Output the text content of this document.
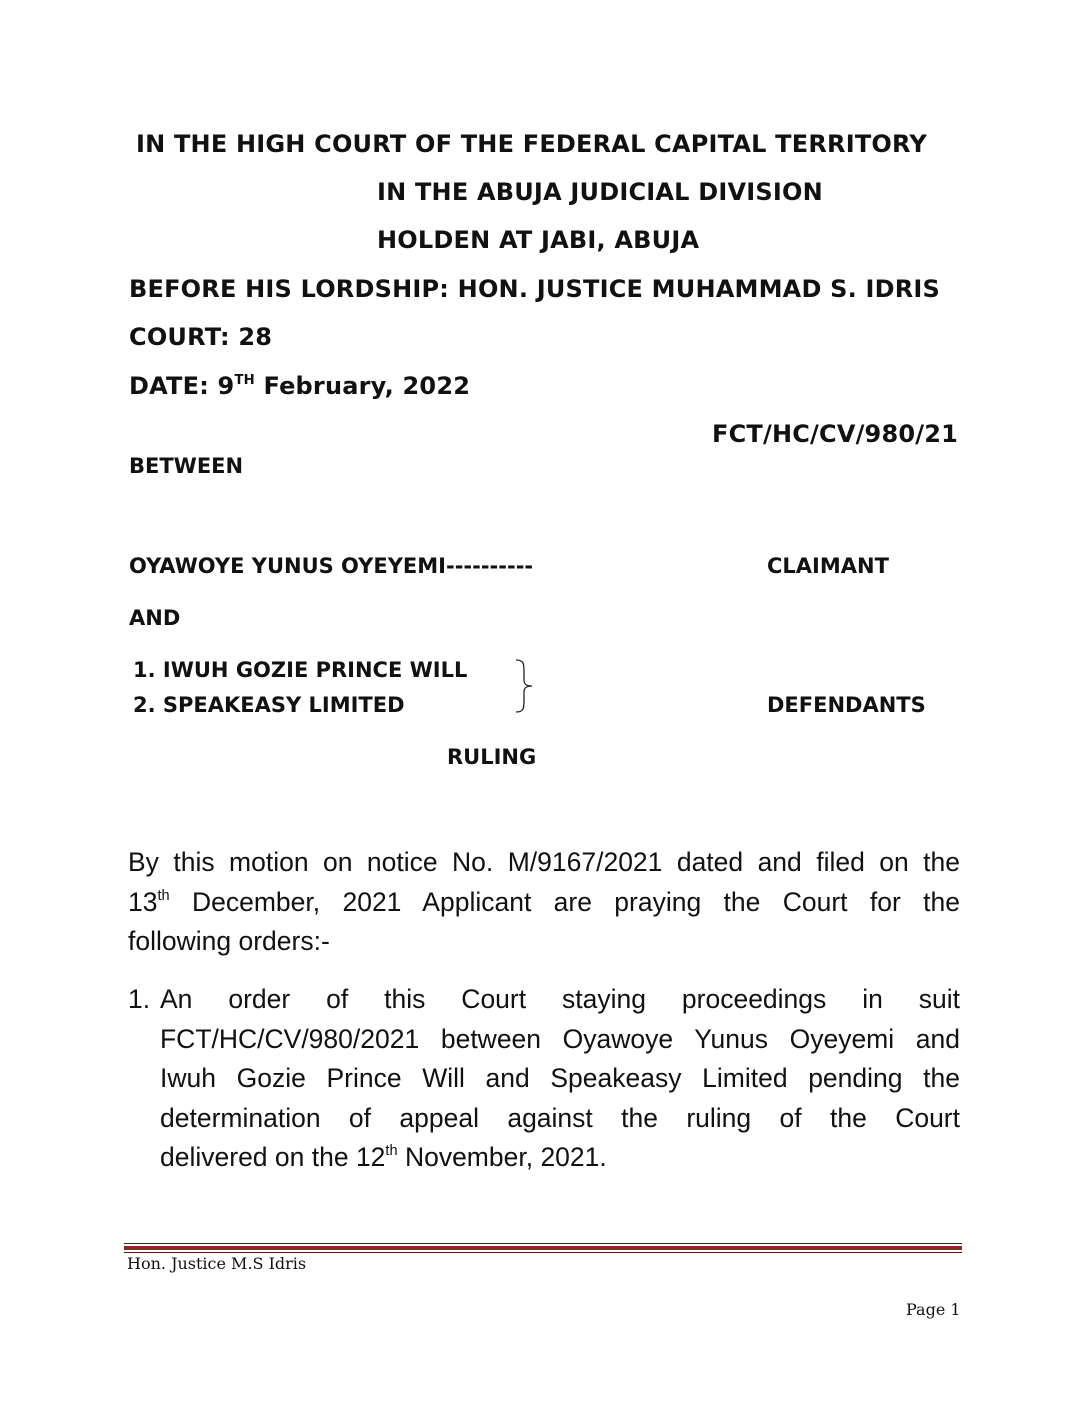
IN THE HIGH COURT OF THE FEDERAL CAPITAL TERRITORY
IN THE ABUJA JUDICIAL DIVISION
HOLDEN AT JABI, ABUJA
BEFORE HIS LORDSHIP: HON. JUSTICE MUHAMMAD S. IDRIS
COURT: 28
DATE: 9TH February, 2022
FCT/HC/CV/980/21
BETWEEN
OYAWOYE YUNUS OYEYEMI----------	CLAIMANT
AND
1. IWUH GOZIE PRINCE WILL
2. SPEAKEASY LIMITED	DEFENDANTS
RULING
By this motion on notice No. M/9167/2021 dated and filed on the
13th December, 2021 Applicant are praying the Court for the
following orders:-
1. An order of this Court staying proceedings in suit
FCT/HC/CV/980/2021 between Oyawoye Yunus Oyeyemi and
Iwuh Gozie Prince Will and Speakeasy Limited pending the
determination of appeal against the ruling of the Court
delivered on the 12th November, 2021.
Hon. Justice M.S Idris
Page 1
